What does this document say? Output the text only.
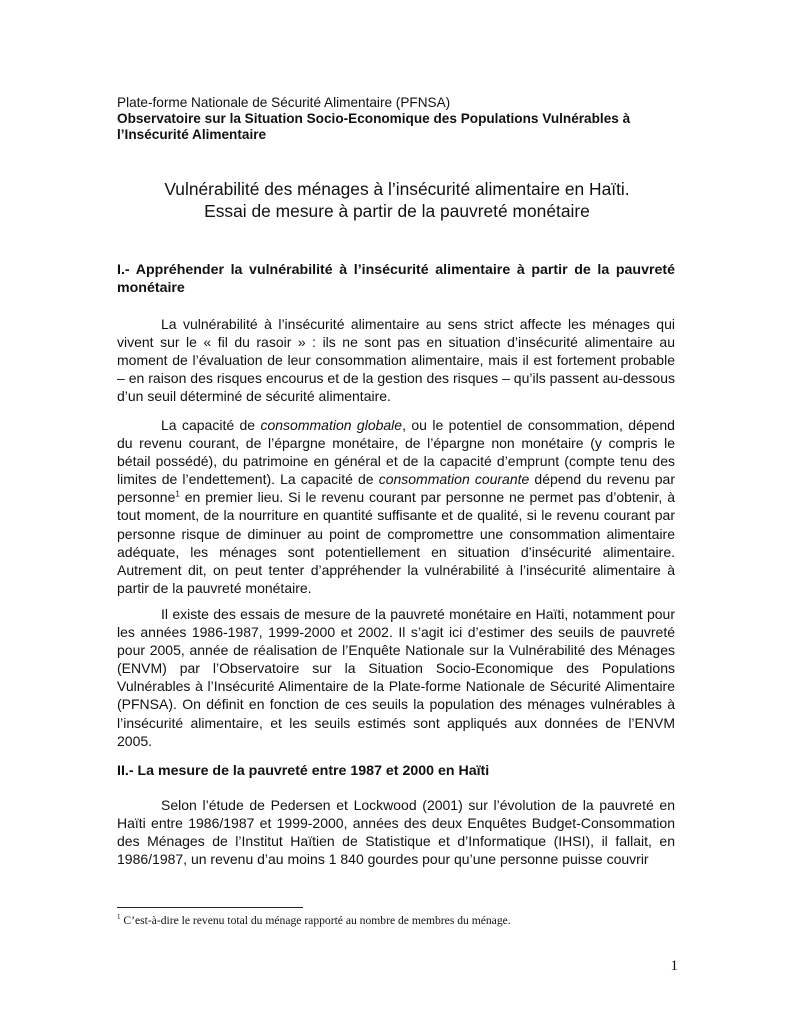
Plate-forme Nationale de Sécurité Alimentaire (PFNSA)
Observatoire sur la Situation Socio-Economique des Populations Vulnérables à l’Insécurité Alimentaire
Vulnérabilité des ménages à l’insécurité alimentaire en Haïti.
Essai de mesure à partir de la pauvreté monétaire
I.- Appréhender la vulnérabilité à l’insécurité alimentaire à partir de la pauvreté monétaire
La vulnérabilité à l’insécurité alimentaire au sens strict affecte les ménages qui vivent sur le « fil du rasoir » : ils ne sont pas en situation d’insécurité alimentaire au moment de l’évaluation de leur consommation alimentaire, mais il est fortement probable – en raison des risques encourus et de la gestion des risques – qu’ils passent au-dessous d’un seuil déterminé de sécurité alimentaire.
La capacité de consommation globale, ou le potentiel de consommation, dépend du revenu courant, de l’épargne monétaire, de l’épargne non monétaire (y compris le bétail possédé), du patrimoine en général et de la capacité d’emprunt (compte tenu des limites de l’endettement). La capacité de consommation courante dépend du revenu par personne$^1$ en premier lieu. Si le revenu courant par personne ne permet pas d’obtenir, à tout moment, de la nourriture en quantité suffisante et de qualité, si le revenu courant par personne risque de diminuer au point de compromettre une consommation alimentaire adéquate, les ménages sont potentiellement en situation d’insécurité alimentaire. Autrement dit, on peut tenter d’appréhender la vulnérabilité à l’insécurité alimentaire à partir de la pauvreté monétaire.
Il existe des essais de mesure de la pauvreté monétaire en Haïti, notamment pour les années 1986-1987, 1999-2000 et 2002. Il s’agit ici d’estimer des seuils de pauvreté pour 2005, année de réalisation de l’Enquête Nationale sur la Vulnérabilité des Ménages (ENVM) par l’Observatoire sur la Situation Socio-Economique des Populations Vulnérables à l’Insécurité Alimentaire de la Plate-forme Nationale de Sécurité Alimentaire (PFNSA). On définit en fonction de ces seuils la population des ménages vulnérables à l’insécurité alimentaire, et les seuils estimés sont appliqués aux données de l’ENVM 2005.
II.- La mesure de la pauvreté entre 1987 et 2000 en Haïti
Selon l’étude de Pedersen et Lockwood (2001) sur l’évolution de la pauvreté en Haïti entre 1986/1987 et 1999-2000, années des deux Enquêtes Budget-Consommation des Ménages de l’Institut Haïtien de Statistique et d’Informatique (IHSI), il fallait, en 1986/1987, un revenu d’au moins 1 840 gourdes pour qu’une personne puisse couvrir
$^1$ C’est-à-dire le revenu total du ménage rapporté au nombre de membres du ménage.
1
